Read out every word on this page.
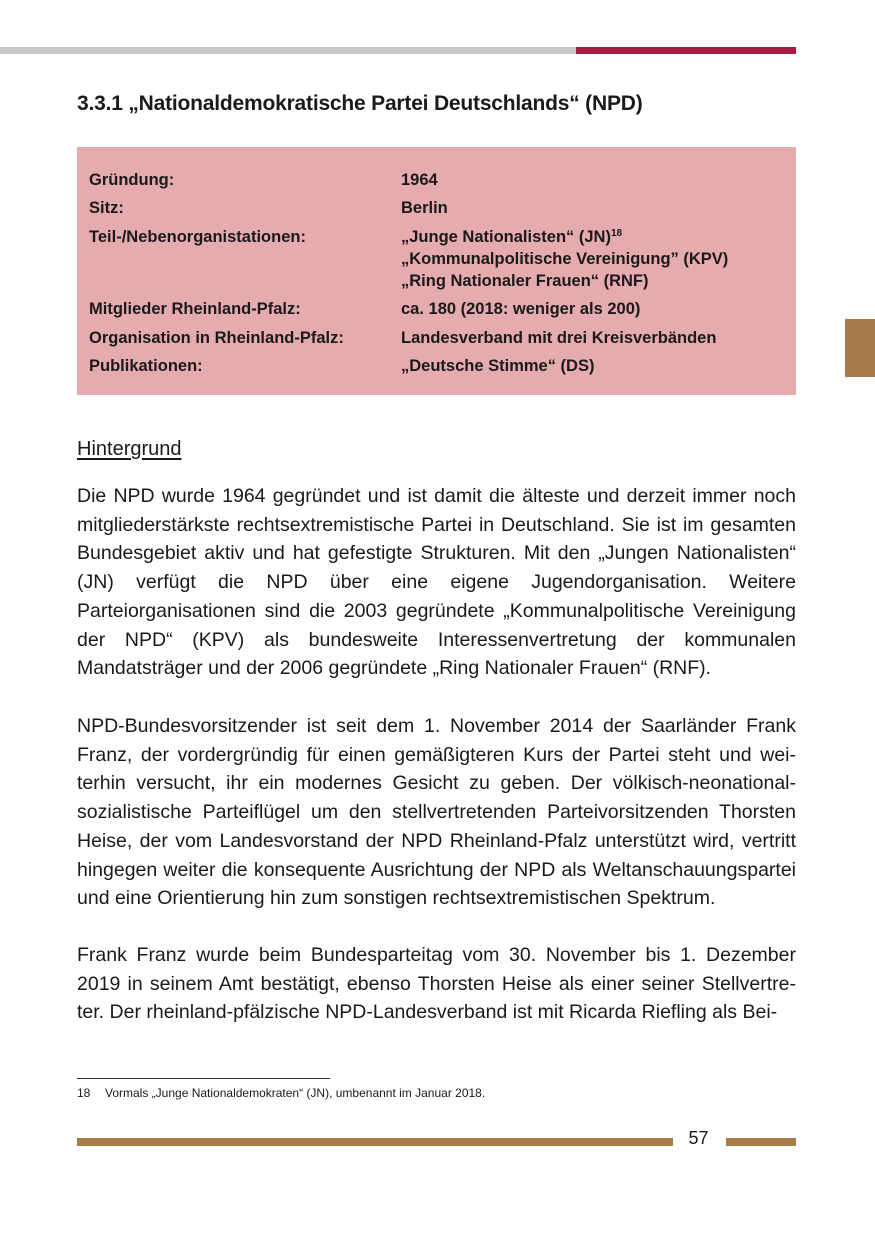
3.3.1 „Nationaldemokratische Partei Deutschlands“ (NPD)
Gründung:	1964
Sitz:	Berlin
Teil-/Nebenorganistationen:	„Junge Nationalisten“ (JN)$^{18}$
„Kommunalpolitische Vereinigung” (KPV)
„Ring Nationaler Frauen“ (RNF)
Mitglieder Rheinland-Pfalz:	ca. 180 (2018: weniger als 200)
Organisation in Rheinland-Pfalz:	Landesverband mit drei Kreisverbänden
Publikationen:	„Deutsche Stimme“ (DS)
Hintergrund

Die NPD wurde 1964 gegründet und ist damit die älteste und derzeit immer noch mitgliederstärkste rechtsextremistische Partei in Deutschland. Sie ist im gesamten Bundesgebiet aktiv und hat gefestigte Strukturen. Mit den „Jungen Nationalisten“ (JN) verfügt die NPD über eine eigene Jugendorganisation. Weitere Parteiorganisationen sind die 2003 gegründete „Kommunalpolitische Vereinigung der NPD“ (KPV) als bundesweite Interessenvertretung der kommunalen Mandatsträger und der 2006 gegründete „Ring Nationaler Frauen“ (RNF).

NPD-Bundesvorsitzender ist seit dem 1. November 2014 der Saarländer Frank Franz, der vordergründig für einen gemäßigteren Kurs der Partei steht und weiterhin versucht, ihr ein modernes Gesicht zu geben. Der völkisch-neonationalsozialistische Parteiflügel um den stellvertretenden Parteivorsitzenden Thorsten Heise, der vom Landesvorstand der NPD Rheinland-Pfalz unterstützt wird, vertritt hingegen weiter die konsequente Ausrichtung der NPD als Weltanschauungspartei und eine Orientierung hin zum sonstigen rechtsextremistischen Spektrum.

Frank Franz wurde beim Bundesparteitag vom 30. November bis 1. Dezember 2019 in seinem Amt bestätigt, ebenso Thorsten Heise als einer seiner Stellvertreter. Der rheinland-pfälzische NPD-Landesverband ist mit Ricarda Riefling als Bei-

18 Vormals „Junge Nationaldemokraten“ (JN), umbenannt im Januar 2018.
57
